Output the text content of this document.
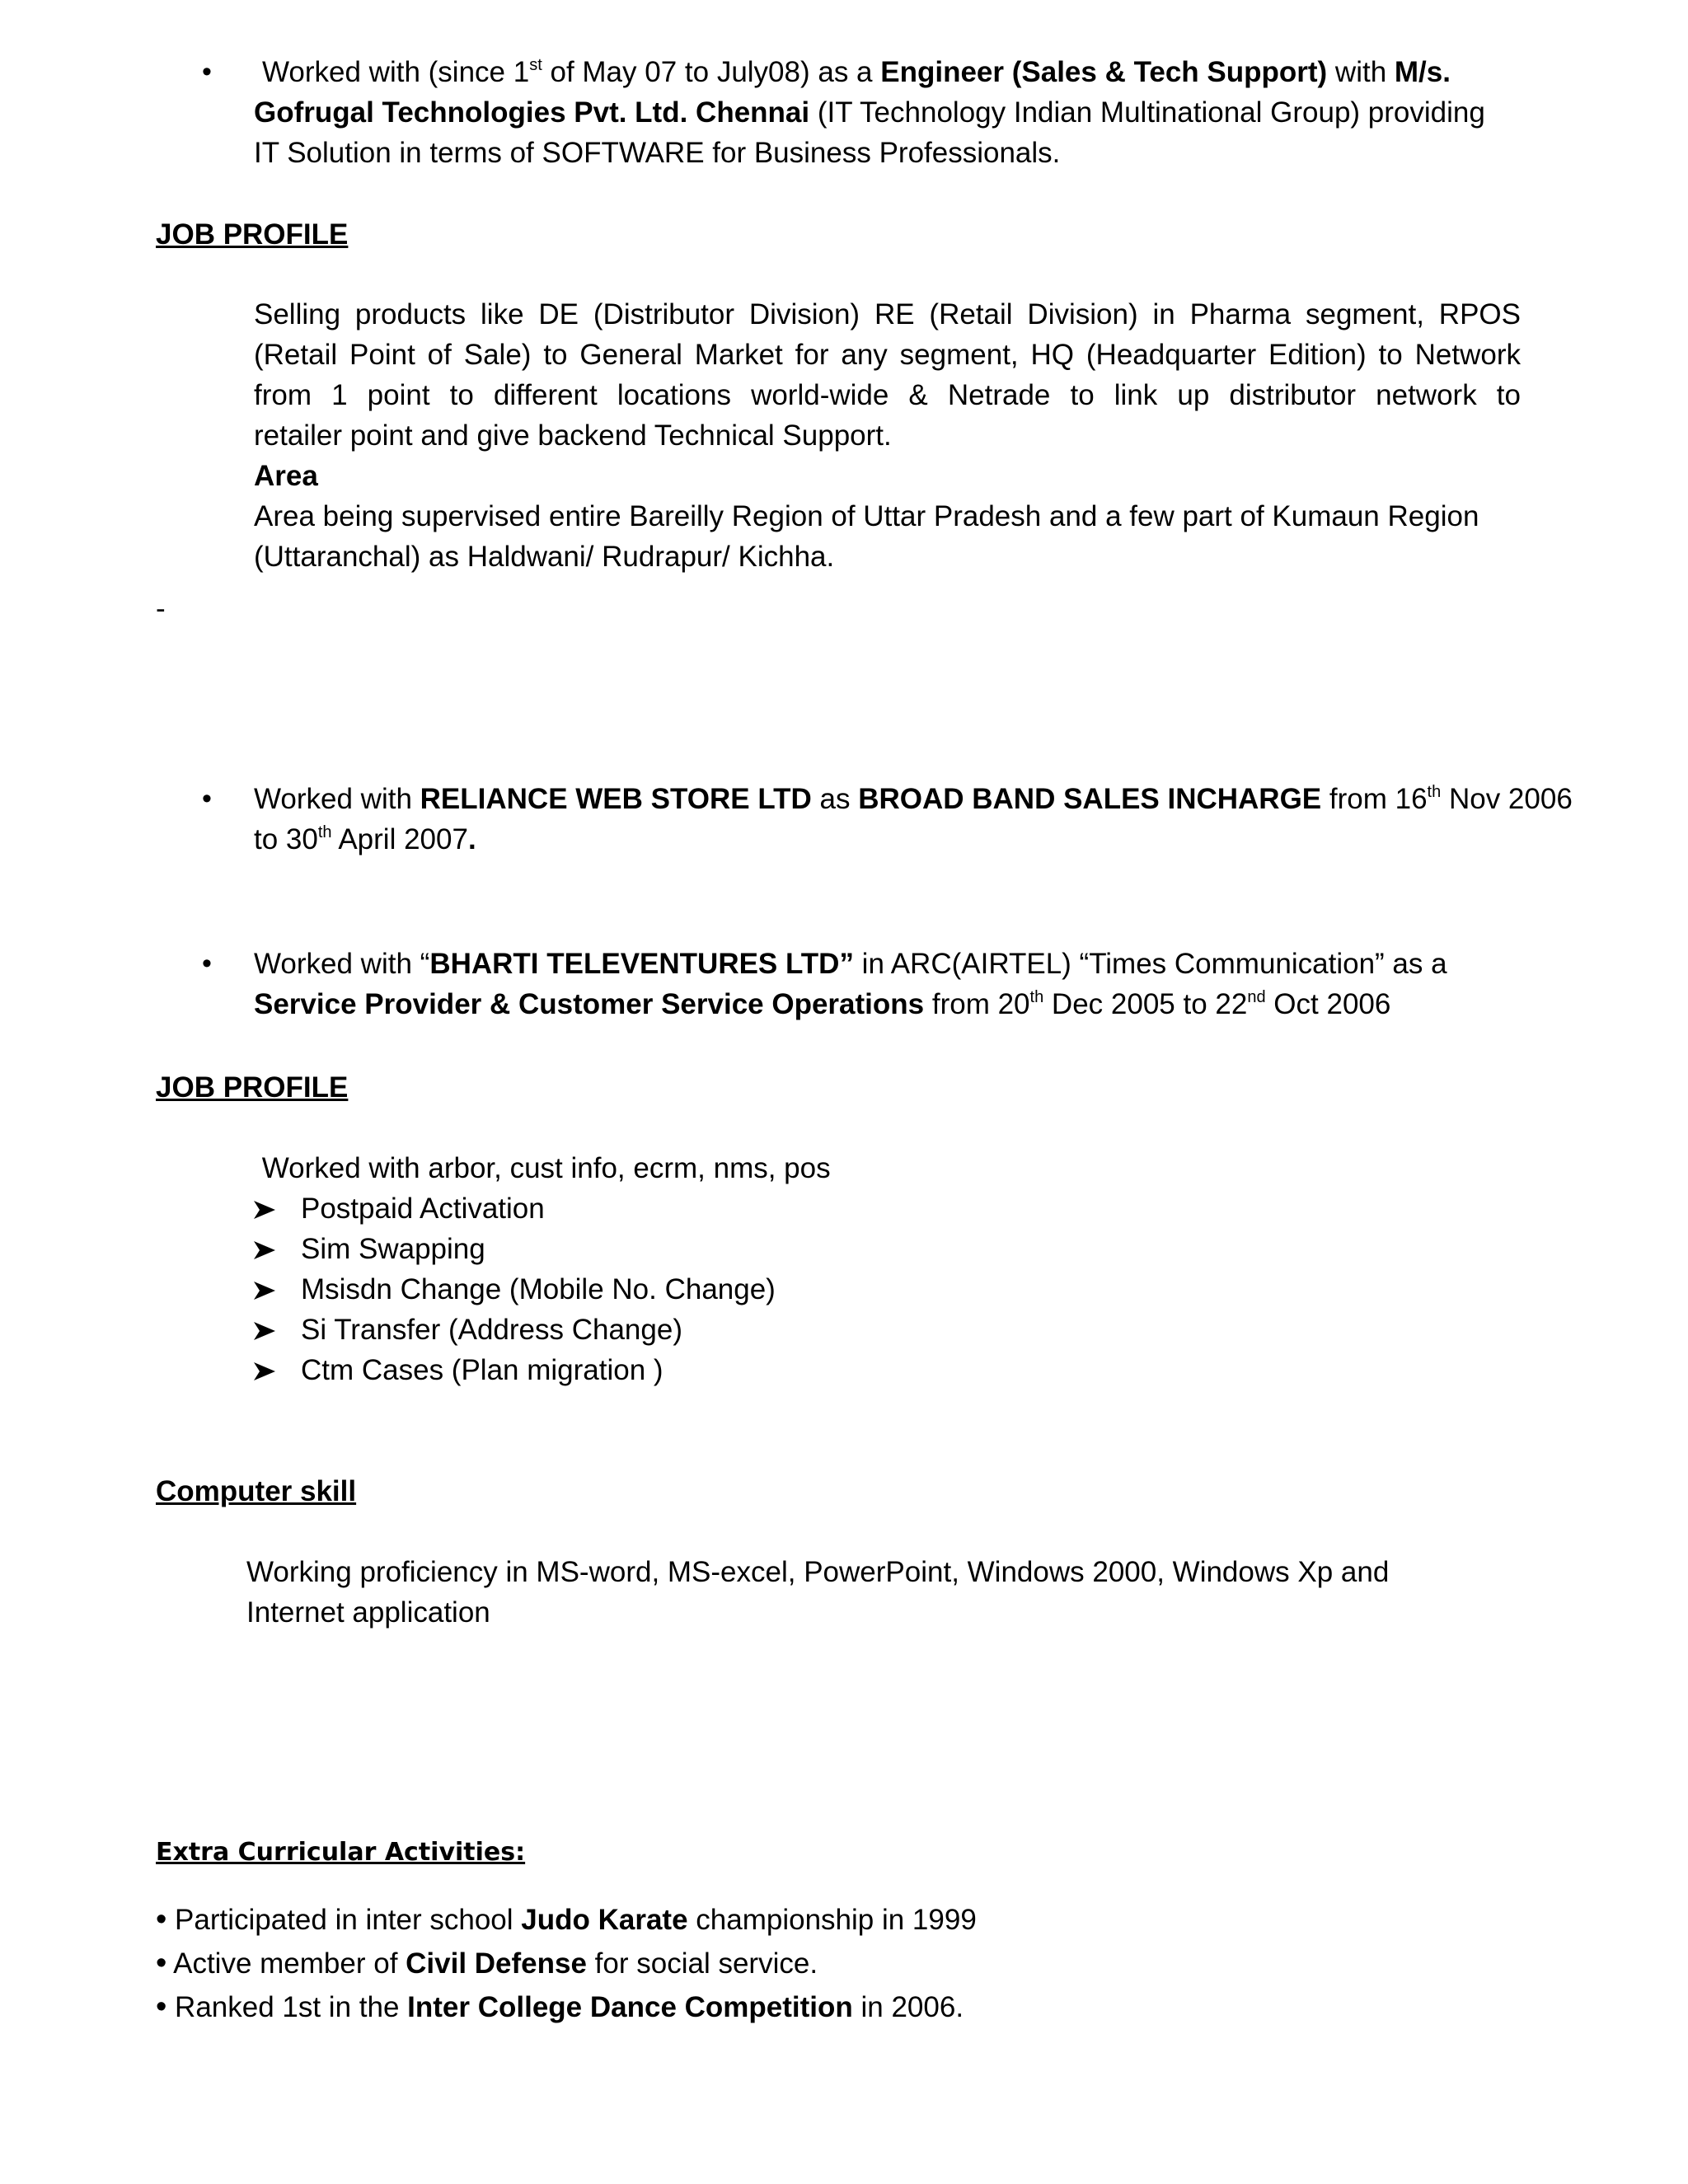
• Worked with (since 1st of May 07 to July08) as a Engineer (Sales & Tech Support) with M/s.
Gofrugal Technologies Pvt. Ltd. Chennai (IT Technology Indian Multinational Group) providing
IT Solution in terms of SOFTWARE for Business Professionals.
JOB PROFILE
Selling products like DE (Distributor Division) RE (Retail Division) in Pharma segment, RPOS
(Retail Point of Sale) to General Market for any segment, HQ (Headquarter Edition) to Network
from 1 point to different locations world-wide & Netrade to link up distributor network to
retailer point and give backend Technical Support.
Area
Area being supervised entire Bareilly Region of Uttar Pradesh and a few part of Kumaun Region
(Uttaranchal) as Haldwani/ Rudrapur/ Kichha.
-
• Worked with RELIANCE WEB STORE LTD as BROAD BAND SALES INCHARGE from 16th Nov 2006
to 30th April 2007.
• Worked with “BHARTI TELEVENTURES LTD” in ARC(AIRTEL) “Times Communication” as a
Service Provider & Customer Service Operations from 20th Dec 2005 to 22nd Oct 2006
JOB PROFILE
Worked with arbor, cust info, ecrm, nms, pos
Postpaid Activation
Sim Swapping
Msisdn Change (Mobile No. Change)
Si Transfer (Address Change)
Ctm Cases (Plan migration )
Computer skill
Working proficiency in MS-word, MS-excel, PowerPoint, Windows 2000, Windows Xp and
Internet application
Extra Curricular Activities:
• Participated in inter school Judo Karate championship in 1999
• Active member of Civil Defense for social service.
• Ranked 1st in the Inter College Dance Competition in 2006.
